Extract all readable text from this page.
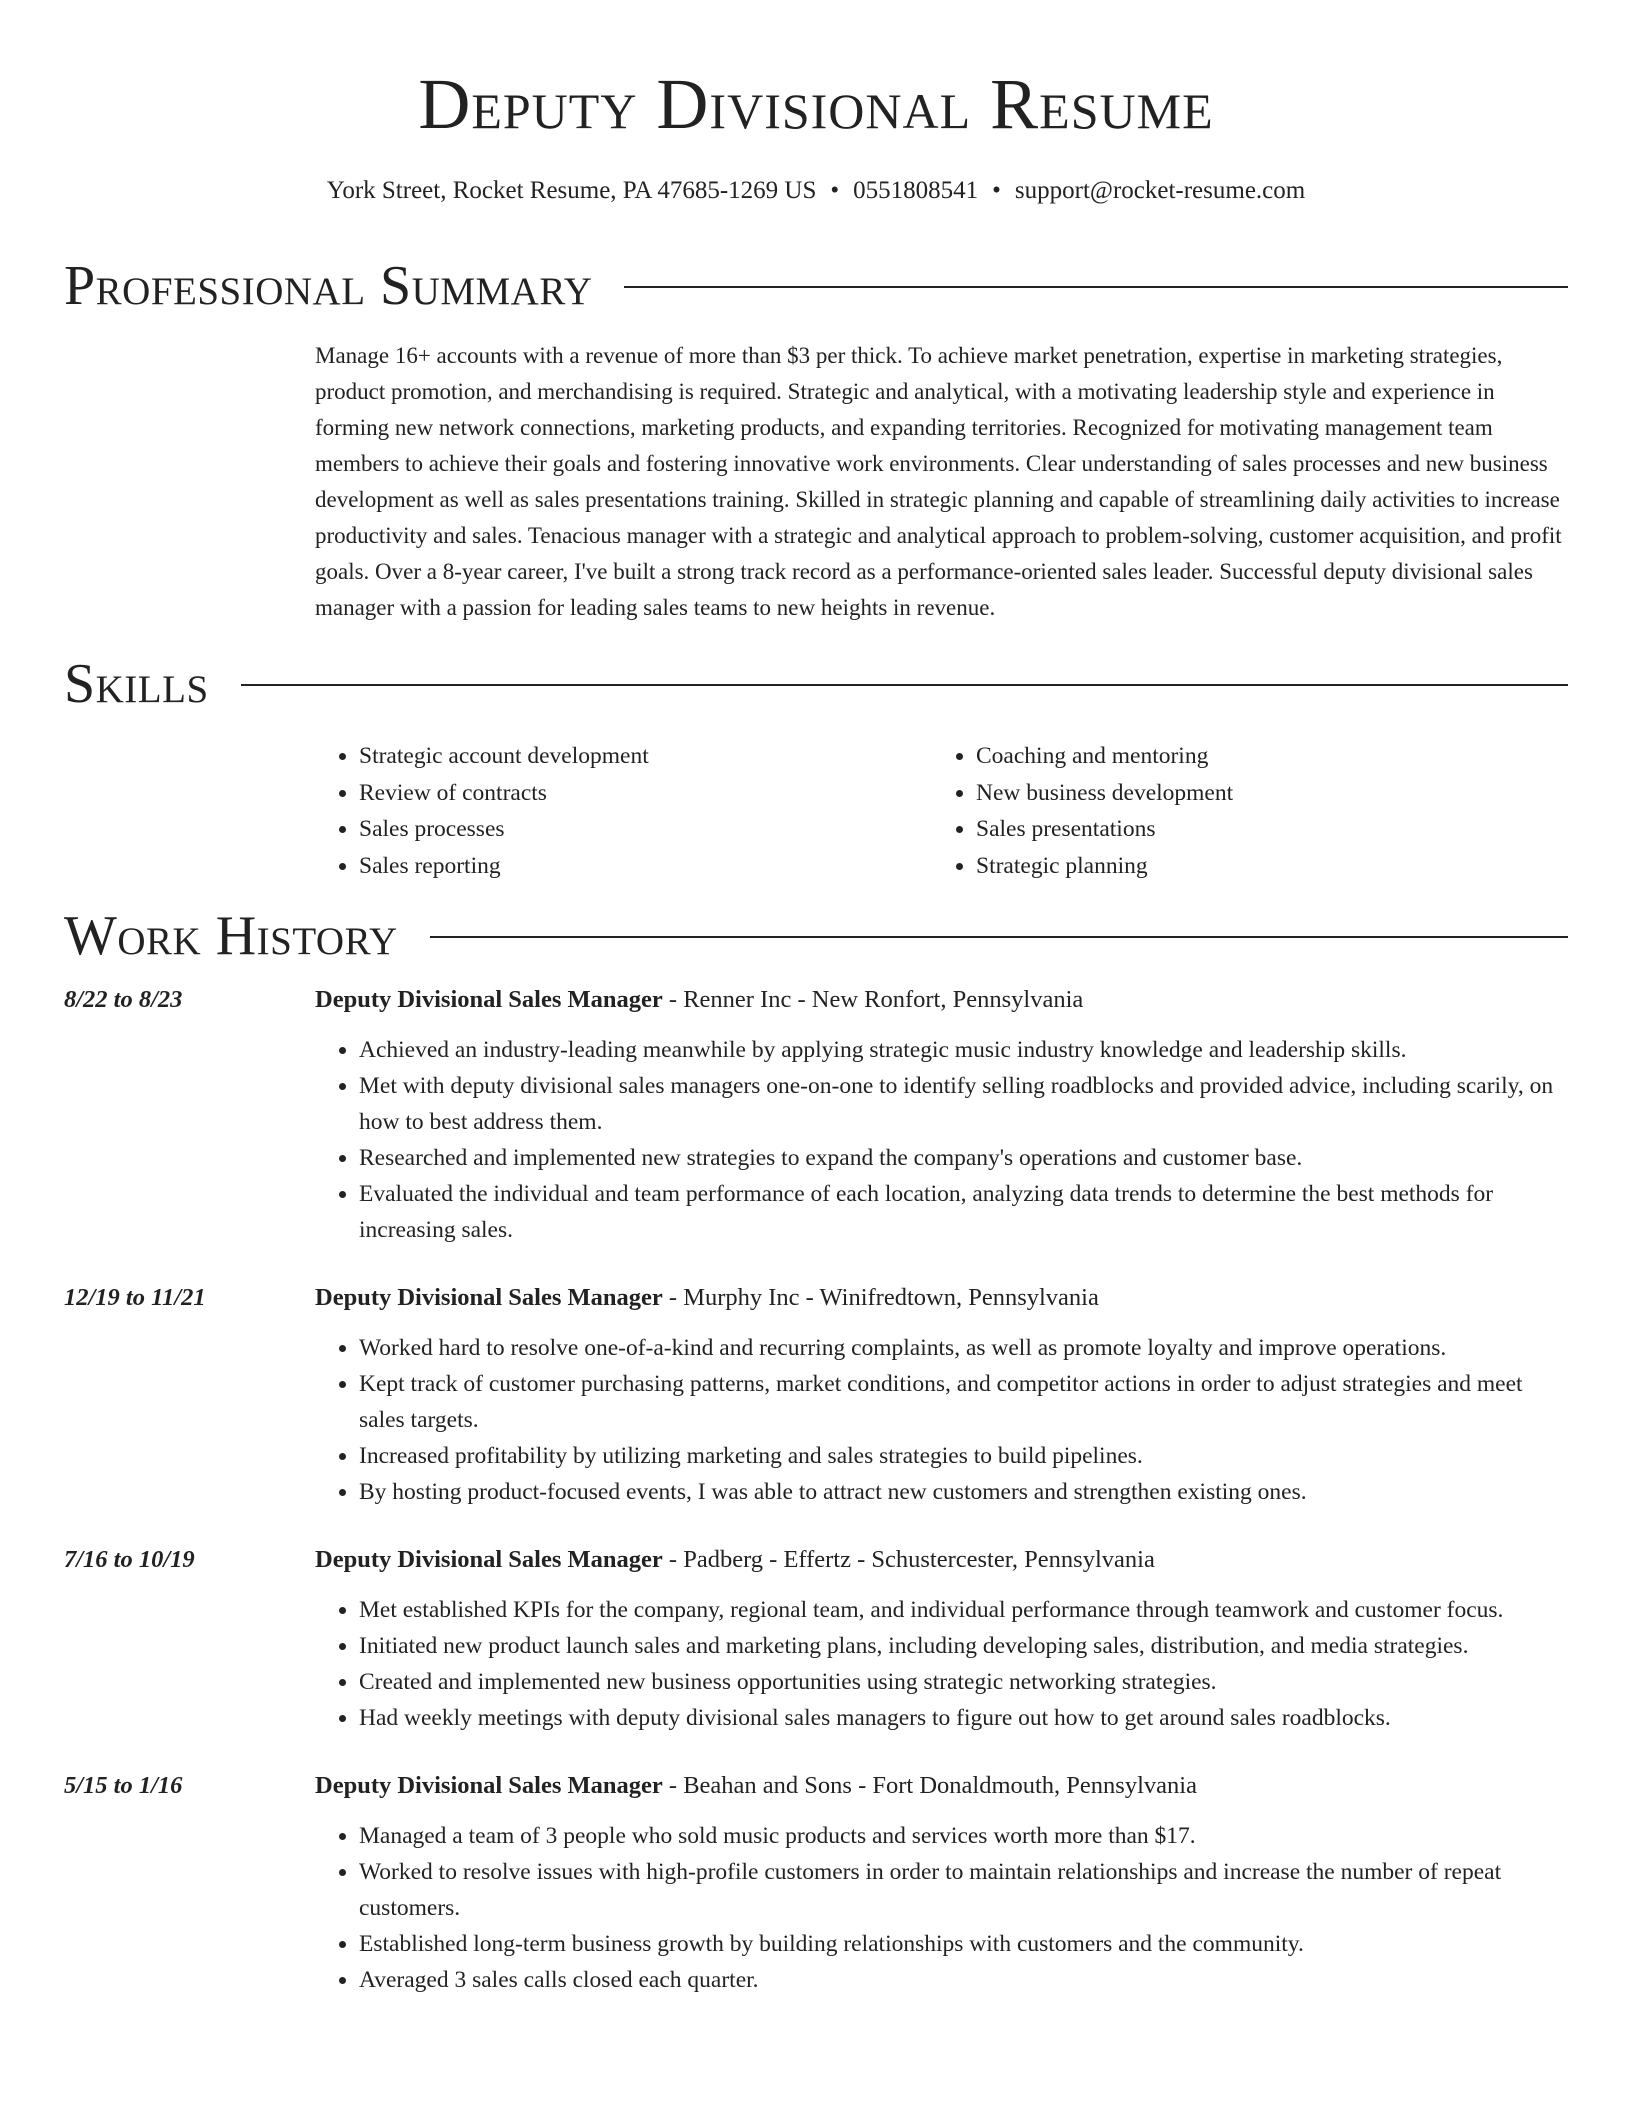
Deputy Divisional Resume
York Street, Rocket Resume, PA 47685-1269 US • 0551808541 • support@rocket-resume.com
Professional Summary
Manage 16+ accounts with a revenue of more than $3 per thick. To achieve market penetration, expertise in marketing strategies, product promotion, and merchandising is required. Strategic and analytical, with a motivating leadership style and experience in forming new network connections, marketing products, and expanding territories. Recognized for motivating management team members to achieve their goals and fostering innovative work environments. Clear understanding of sales processes and new business development as well as sales presentations training. Skilled in strategic planning and capable of streamlining daily activities to increase productivity and sales. Tenacious manager with a strategic and analytical approach to problem-solving, customer acquisition, and profit goals. Over a 8-year career, I've built a strong track record as a performance-oriented sales leader. Successful deputy divisional sales manager with a passion for leading sales teams to new heights in revenue.
Skills
• Strategic account development
• Review of contracts
• Sales processes
• Sales reporting
• Coaching and mentoring
• New business development
• Sales presentations
• Strategic planning
Work History
8/22 to 8/23	Deputy Divisional Sales Manager - Renner Inc - New Ronfort, Pennsylvania
• Achieved an industry-leading meanwhile by applying strategic music industry knowledge and leadership skills.
• Met with deputy divisional sales managers one-on-one to identify selling roadblocks and provided advice, including scarily, on how to best address them.
• Researched and implemented new strategies to expand the company's operations and customer base.
• Evaluated the individual and team performance of each location, analyzing data trends to determine the best methods for increasing sales.
12/19 to 11/21	Deputy Divisional Sales Manager - Murphy Inc - Winifredtown, Pennsylvania
• Worked hard to resolve one-of-a-kind and recurring complaints, as well as promote loyalty and improve operations.
• Kept track of customer purchasing patterns, market conditions, and competitor actions in order to adjust strategies and meet sales targets.
• Increased profitability by utilizing marketing and sales strategies to build pipelines.
• By hosting product-focused events, I was able to attract new customers and strengthen existing ones.
7/16 to 10/19	Deputy Divisional Sales Manager - Padberg - Effertz - Schustercester, Pennsylvania
• Met established KPIs for the company, regional team, and individual performance through teamwork and customer focus.
• Initiated new product launch sales and marketing plans, including developing sales, distribution, and media strategies.
• Created and implemented new business opportunities using strategic networking strategies.
• Had weekly meetings with deputy divisional sales managers to figure out how to get around sales roadblocks.
5/15 to 1/16	Deputy Divisional Sales Manager - Beahan and Sons - Fort Donaldmouth, Pennsylvania
• Managed a team of 3 people who sold music products and services worth more than $17.
• Worked to resolve issues with high-profile customers in order to maintain relationships and increase the number of repeat customers.
• Established long-term business growth by building relationships with customers and the community.
• Averaged 3 sales calls closed each quarter.
